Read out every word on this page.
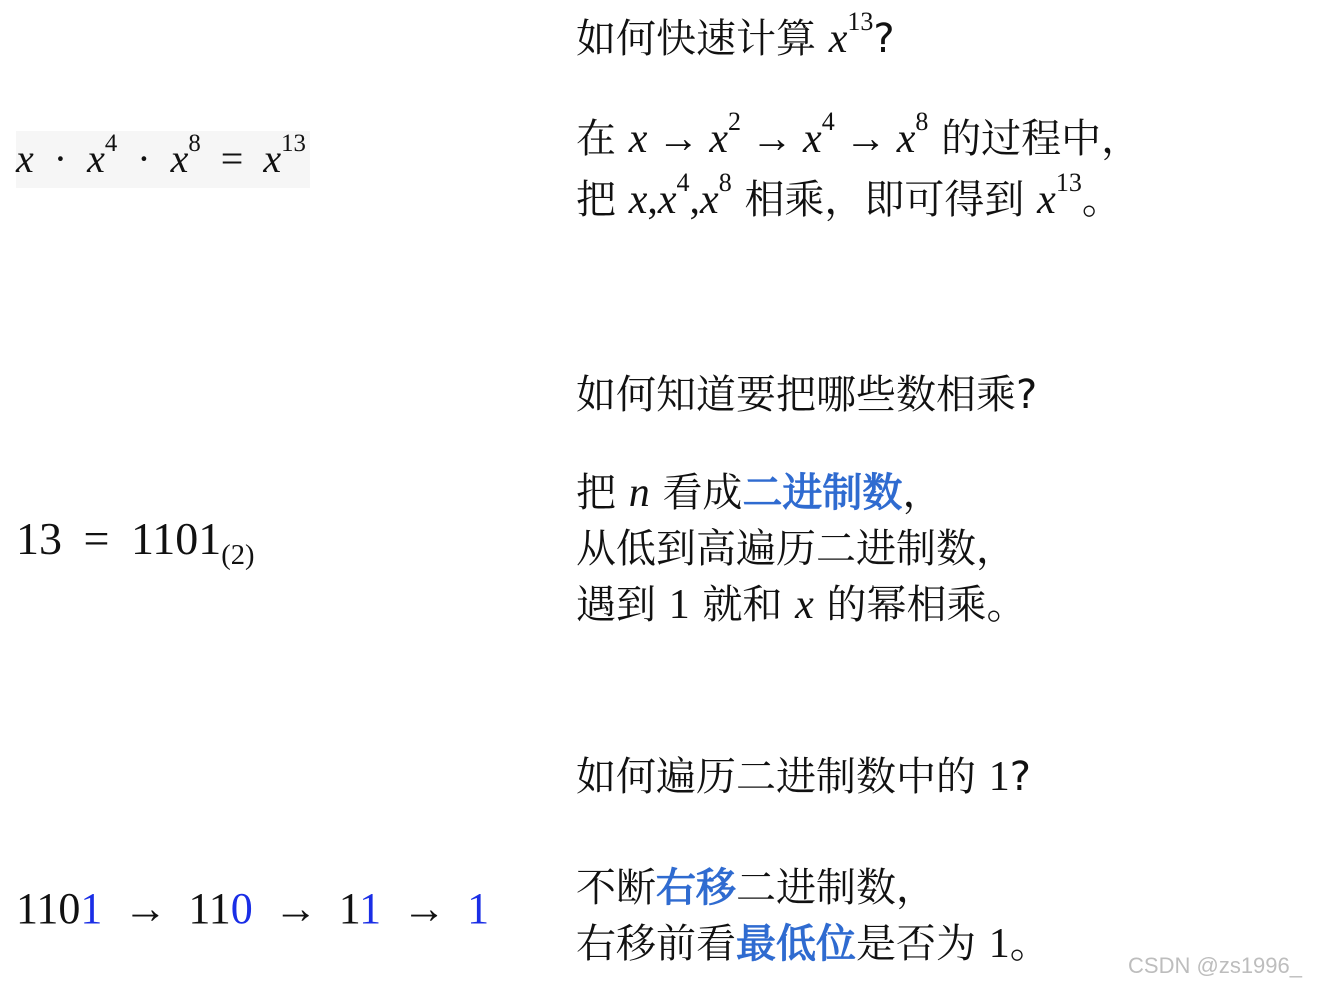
$x \cdot x^4 \cdot x^8 = x^{13}$
$13 = 1101_{(2)}$
1101 → 110 → 11 → 1
如何快速计算 $x^{13}$?
在 $x \to x^2 \to x^4 \to x^8$ 的过程中，
把 $x,x^4,x^8$ 相乘，即可得到 $x^{13}$。
如何知道要把哪些数相乘?
把 n 看成二进制数，
从低到高遍历二进制数，
遇到 1 就和 x 的幂相乘。
如何遍历二进制数中的 1?
不断右移二进制数，
右移前看最低位是否为 1。	CSDN @zs1996_
